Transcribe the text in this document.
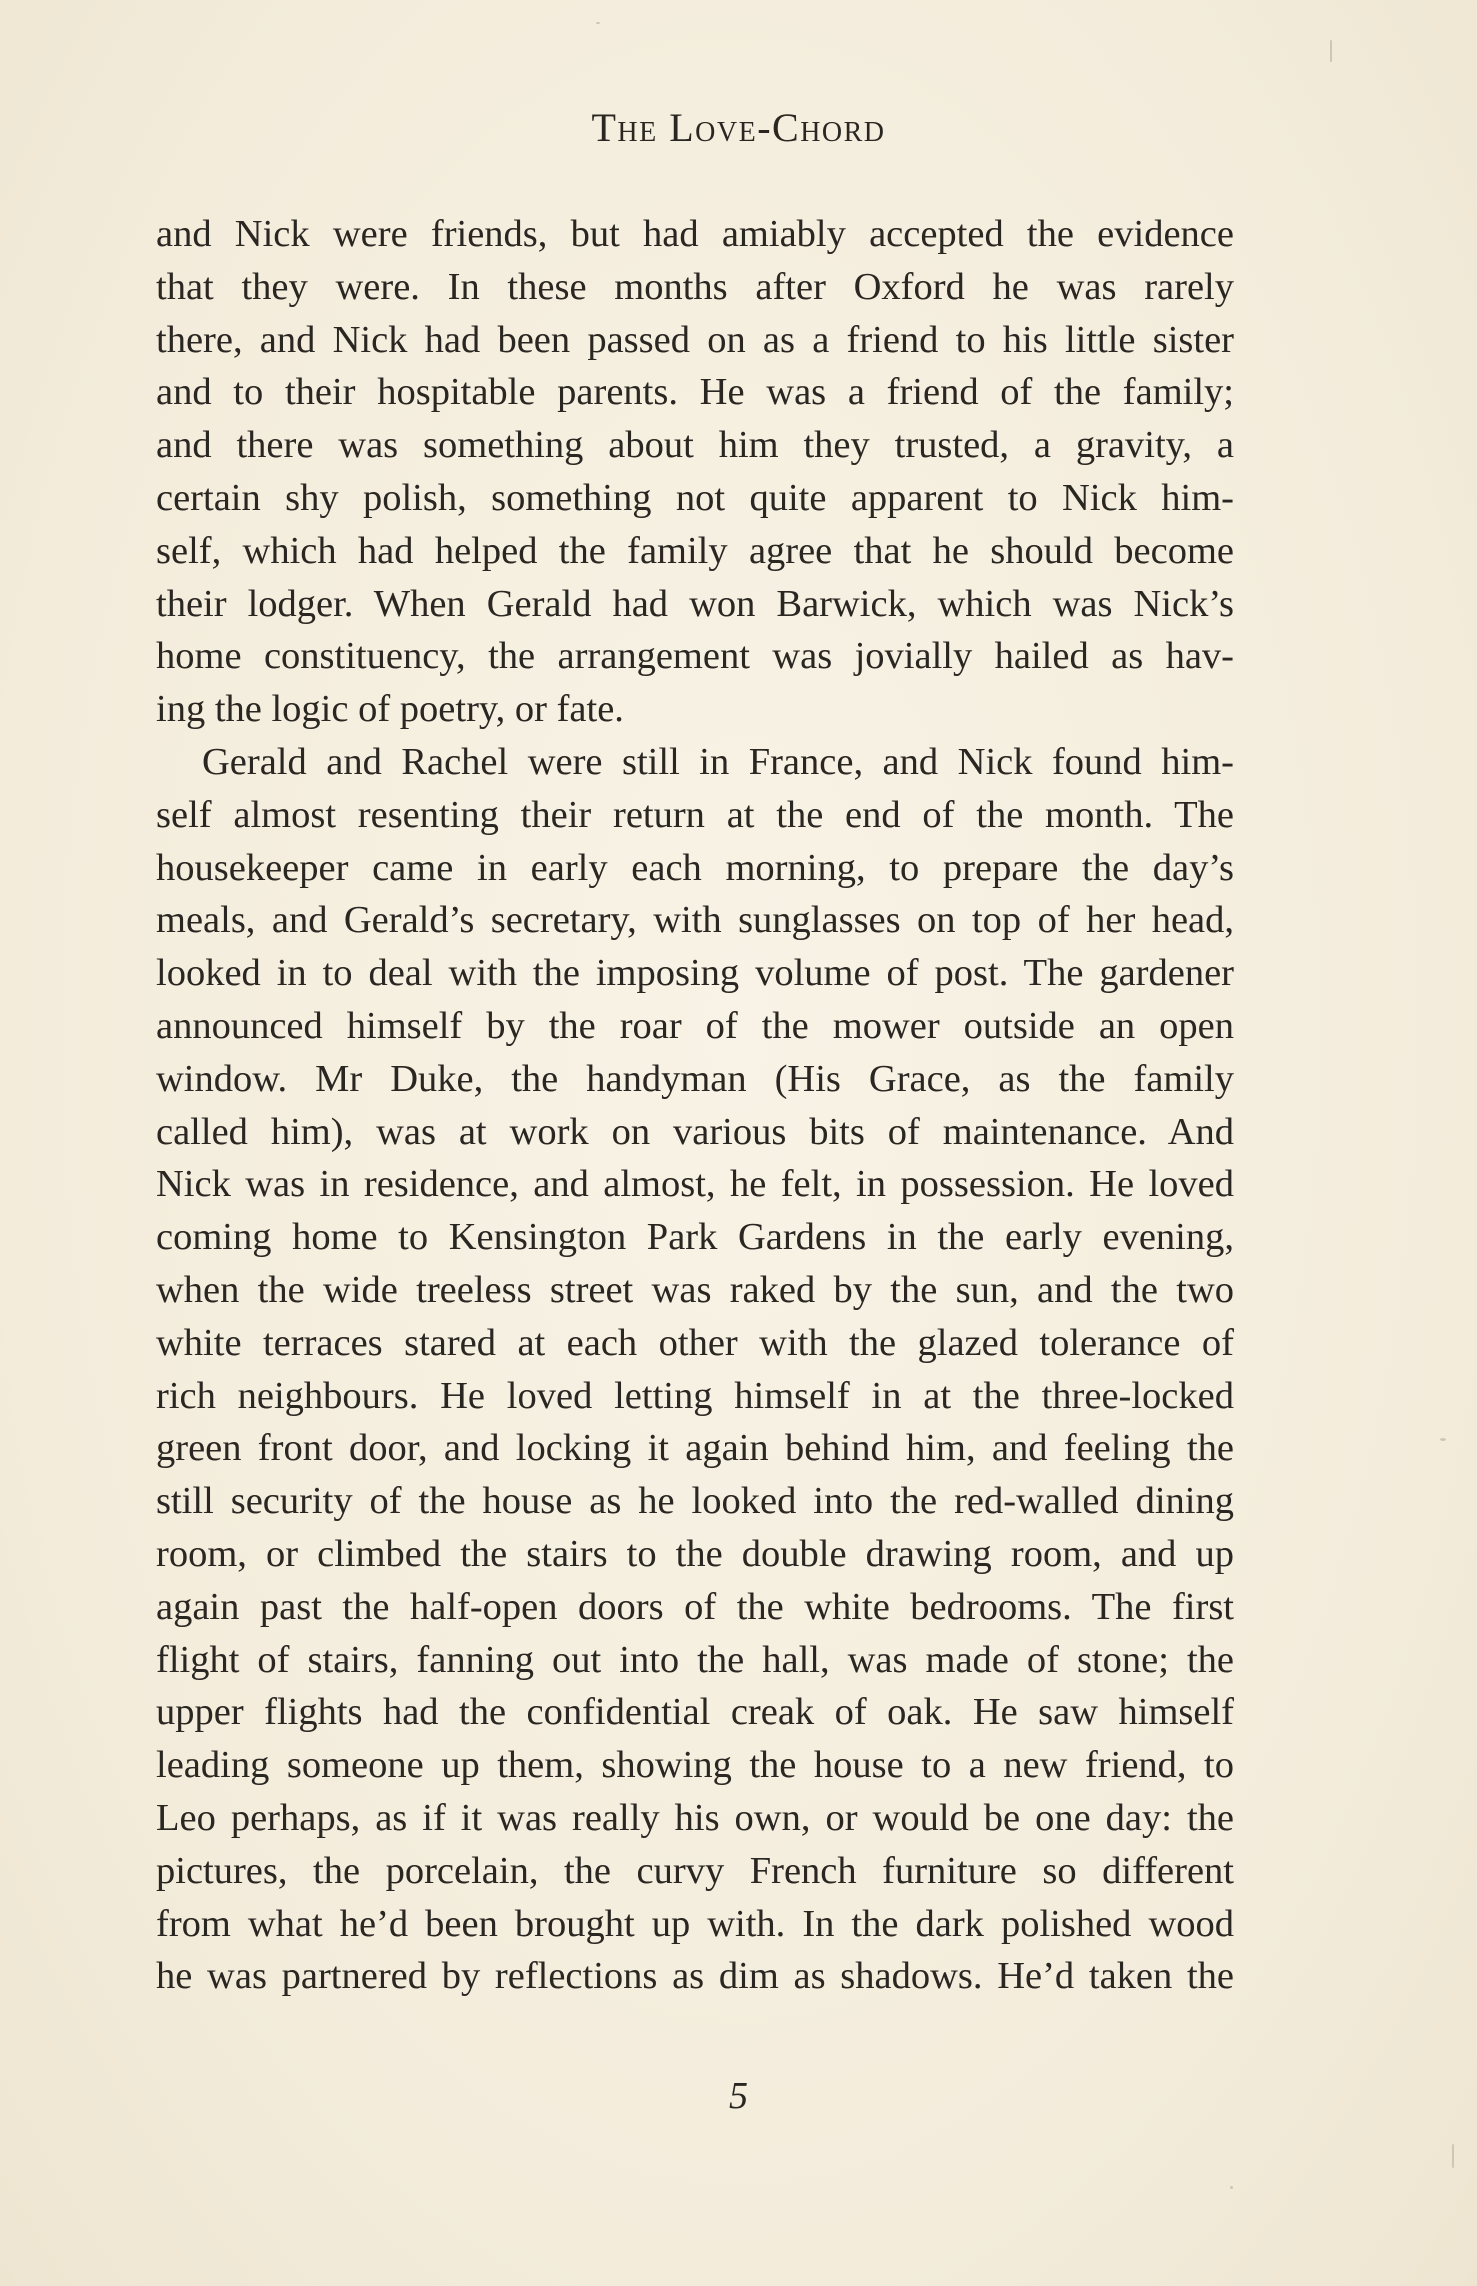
The Love-Chord
and Nick were friends, but had amiably accepted the evidence
that they were. In these months after Oxford he was rarely
there, and Nick had been passed on as a friend to his little sister
and to their hospitable parents. He was a friend of the family;
and there was something about him they trusted, a gravity, a
certain shy polish, something not quite apparent to Nick him-
self, which had helped the family agree that he should become
their lodger. When Gerald had won Barwick, which was Nick’s
home constituency, the arrangement was jovially hailed as hav-
ing the logic of poetry, or fate.
Gerald and Rachel were still in France, and Nick found him-
self almost resenting their return at the end of the month. The
housekeeper came in early each morning, to prepare the day’s
meals, and Gerald’s secretary, with sunglasses on top of her head,
looked in to deal with the imposing volume of post. The gardener
announced himself by the roar of the mower outside an open
window. Mr Duke, the handyman (His Grace, as the family
called him), was at work on various bits of maintenance. And
Nick was in residence, and almost, he felt, in possession. He loved
coming home to Kensington Park Gardens in the early evening,
when the wide treeless street was raked by the sun, and the two
white terraces stared at each other with the glazed tolerance of
rich neighbours. He loved letting himself in at the three-locked
green front door, and locking it again behind him, and feeling the
still security of the house as he looked into the red-walled dining
room, or climbed the stairs to the double drawing room, and up
again past the half-open doors of the white bedrooms. The first
flight of stairs, fanning out into the hall, was made of stone; the
upper flights had the confidential creak of oak. He saw himself
leading someone up them, showing the house to a new friend, to
Leo perhaps, as if it was really his own, or would be one day: the
pictures, the porcelain, the curvy French furniture so different
from what he’d been brought up with. In the dark polished wood
he was partnered by reflections as dim as shadows. He’d taken the
5
